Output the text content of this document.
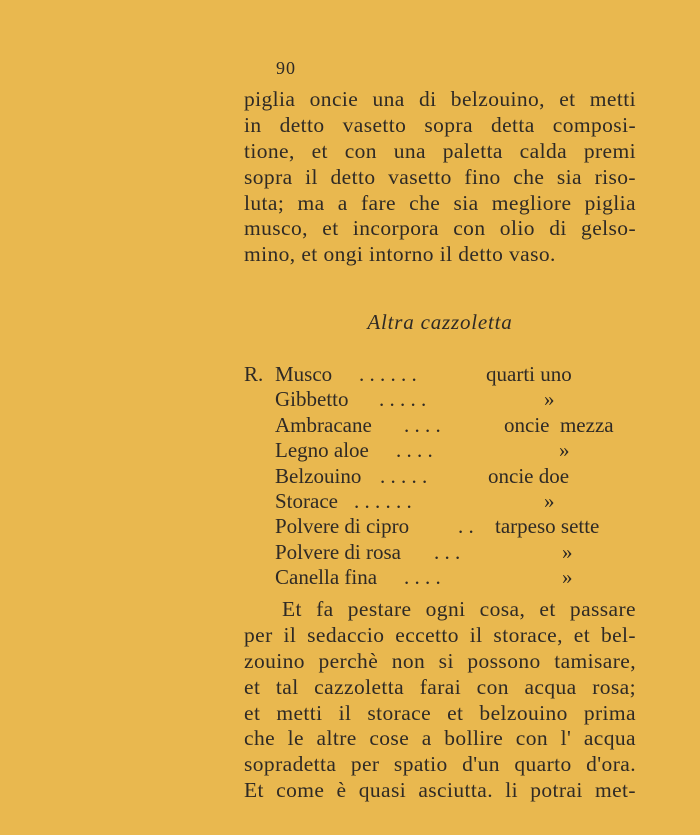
90
piglia oncie una di belzouino, et metti
in detto vasetto sopra detta composi-
tione, et con una paletta calda premi
sopra il detto vasetto fino che sia riso-
luta; ma a fare che sia megliore piglia
musco, et incorpora con olio di gelso-
mino, et ongi intorno il detto vaso.
Altra cazzoletta
R. Musco . . . . . .	quarti uno
Gibbetto . . . . .	»
Ambracane . . . .	oncie  mezza
Legno aloe . . . .	»
Belzouino . . . . .	oncie doe
Storace . . . . . .	»
Polvere di cipro . . tarpeso sette
Polvere di rosa . . .	»
Canella fina . . . .	»
Et fa pestare ogni cosa, et passare
per il sedaccio eccetto il storace, et bel-
zouino perchè non si possono tamisare,
et tal cazzoletta farai con acqua rosa;
et metti il storace et belzouino prima
che le altre cose a bollire con l' acqua
sopradetta per spatio d'un quarto d'ora.
Et come è quasi asciutta. li potrai met-
